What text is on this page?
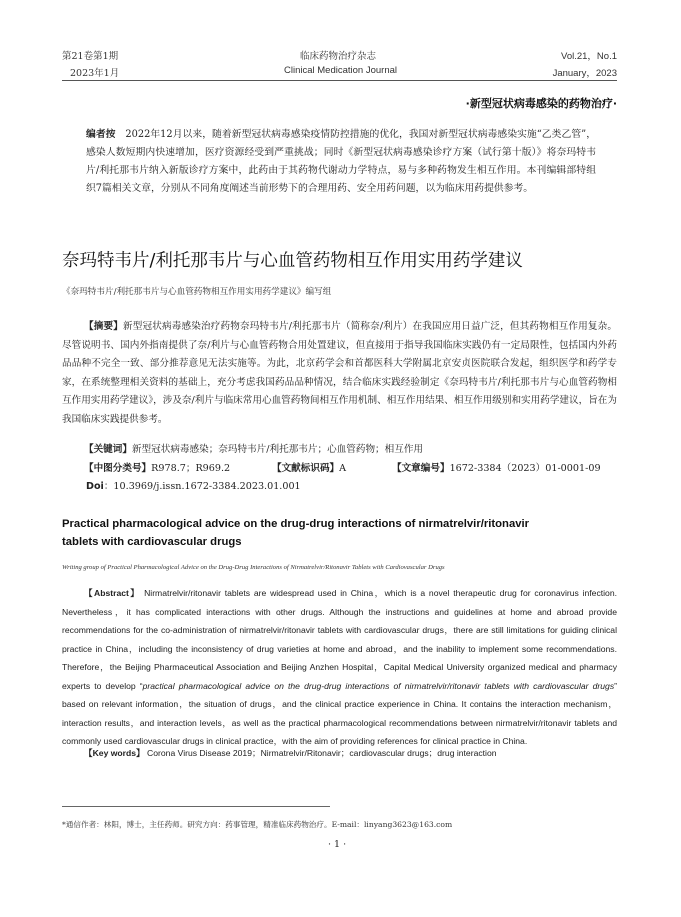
第21卷第1期
2023年1月
临床药物治疗杂志
Clinical Medication Journal
Vol.21，No.1
January，2023
·新型冠状病毒感染的药物治疗·
编者按　2022年12月以来，随着新型冠状病毒感染疫情防控措施的优化，我国对新型冠状病毒感染实施“乙类乙管”，感染人数短期内快速增加，医疗资源经受到严重挑战；同时《新型冠状病毒感染诊疗方案（试行第十版）》将奈玛特韦片/利托那韦片纳入新版诊疗方案中，此药由于其药物代谢动力学特点，易与多种药物发生相互作用。本刊编辑部特组织7篇相关文章，分别从不同角度阐述当前形势下的合理用药、安全用药问题，以为临床用药提供参考。
奈玛特韦片/利托那韦片与心血管药物相互作用实用药学建议
《奈玛特韦片/利托那韦片与心血管药物相互作用实用药学建议》编写组
【摘要】新型冠状病毒感染治疗药物奈玛特韦片/利托那韦片（简称奈/利片）在我国应用日益广泛，但其药物相互作用复杂。尽管说明书、国内外指南提供了奈/利片与心血管药物合用处置建议，但直接用于指导我国临床实践仍有一定局限性，包括国内外药品品种不完全一致、部分推荐意见无法实施等。为此，北京药学会和首都医科大学附属北京安贞医院联合发起，组织医学和药学专家，在系统整理相关资料的基础上，充分考虑我国药品品种情况，结合临床实践经验制定《奈玛特韦片/利托那韦片与心血管药物相互作用实用药学建议》，涉及奈/利片与临床常用心血管药物间相互作用机制、相互作用结果、相互作用级别和实用药学建议，旨在为我国临床实践提供参考。
【关键词】新型冠状病毒感染；奈玛特韦片/利托那韦片；心血管药物；相互作用
【中图分类号】R978.7；R969.2	【文献标识码】A	【文章编号】1672-3384（2023）01-0001-09
Doi：10.3969/j.issn.1672-3384.2023.01.001
Practical pharmacological advice on the drug-drug interactions of nirmatrelvir/ritonavir tablets with cardiovascular drugs
Writing group of Practical Pharmacological Advice on the Drug-Drug Interactions of Nirmatrelvir/Ritonavir Tablets with Cardiovascular Drugs
【Abstract】 Nirmatrelvir/ritonavir tablets are widespread used in China，which is a novel therapeutic drug for coronavirus infection. Nevertheless，it has complicated interactions with other drugs. Although the instructions and guidelines at home and abroad provide recommendations for the co-administration of nirmatrelvir/ritonavir tablets with cardiovascular drugs，there are still limitations for guiding clinical practice in China，including the inconsistency of drug varieties at home and abroad，and the inability to implement some recommendations. Therefore，the Beijing Pharmaceutical Association and Beijing Anzhen Hospital，Capital Medical University organized medical and pharmacy experts to develop “practical pharmacological advice on the drug-drug interactions of nirmatrelvir/ritonavir tablets with cardiovascular drugs” based on relevant information，the situation of drugs，and the clinical practice experience in China. It contains the interaction mechanism，interaction results，and interaction levels，as well as the practical pharmacological recommendations between nirmatrelvir/ritonavir tablets and commonly used cardiovascular drugs in clinical practice，with the aim of providing references for clinical practice in China.
【Key words】 Corona Virus Disease 2019；Nirmatrelvir/Ritonavir；cardiovascular drugs；drug interaction
*通信作者：林阳，博士，主任药师。研究方向：药事管理，精准临床药物治疗。E-mail：linyang3623@163.com
· 1 ·
